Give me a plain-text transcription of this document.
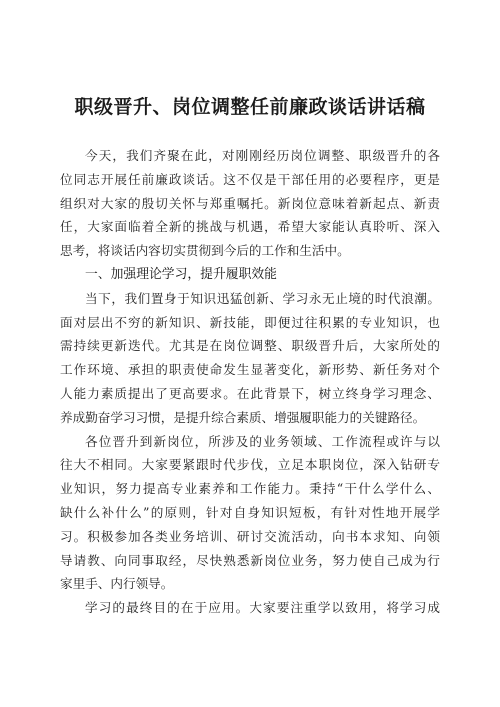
职级晋升、岗位调整任前廉政谈话讲话稿
今天，我们齐聚在此，对刚刚经历岗位调整、职级晋升的各
位同志开展任前廉政谈话。这不仅是干部任用的必要程序，更是
组织对大家的殷切关怀与郑重嘱托。新岗位意味着新起点、新责
任，大家面临着全新的挑战与机遇，希望大家能认真聆听、深入
思考，将谈话内容切实贯彻到今后的工作和生活中。
一、加强理论学习，提升履职效能
当下，我们置身于知识迅猛创新、学习永无止境的时代浪潮。
面对层出不穷的新知识、新技能，即便过往积累的专业知识，也
需持续更新迭代。尤其是在岗位调整、职级晋升后，大家所处的
工作环境、承担的职责使命发生显著变化，新形势、新任务对个
人能力素质提出了更高要求。在此背景下，树立终身学习理念、
养成勤奋学习习惯，是提升综合素质、增强履职能力的关键路径。
各位晋升到新岗位，所涉及的业务领域、工作流程或许与以
往大不相同。大家要紧跟时代步伐，立足本职岗位，深入钻研专
业知识，努力提高专业素养和工作能力。秉持“干什么学什么、
缺什么补什么”的原则，针对自身知识短板，有针对性地开展学
习。积极参加各类业务培训、研讨交流活动，向书本求知、向领
导请教、向同事取经，尽快熟悉新岗位业务，努力使自己成为行
家里手、内行领导。
学习的最终目的在于应用。大家要注重学以致用，将学习成
